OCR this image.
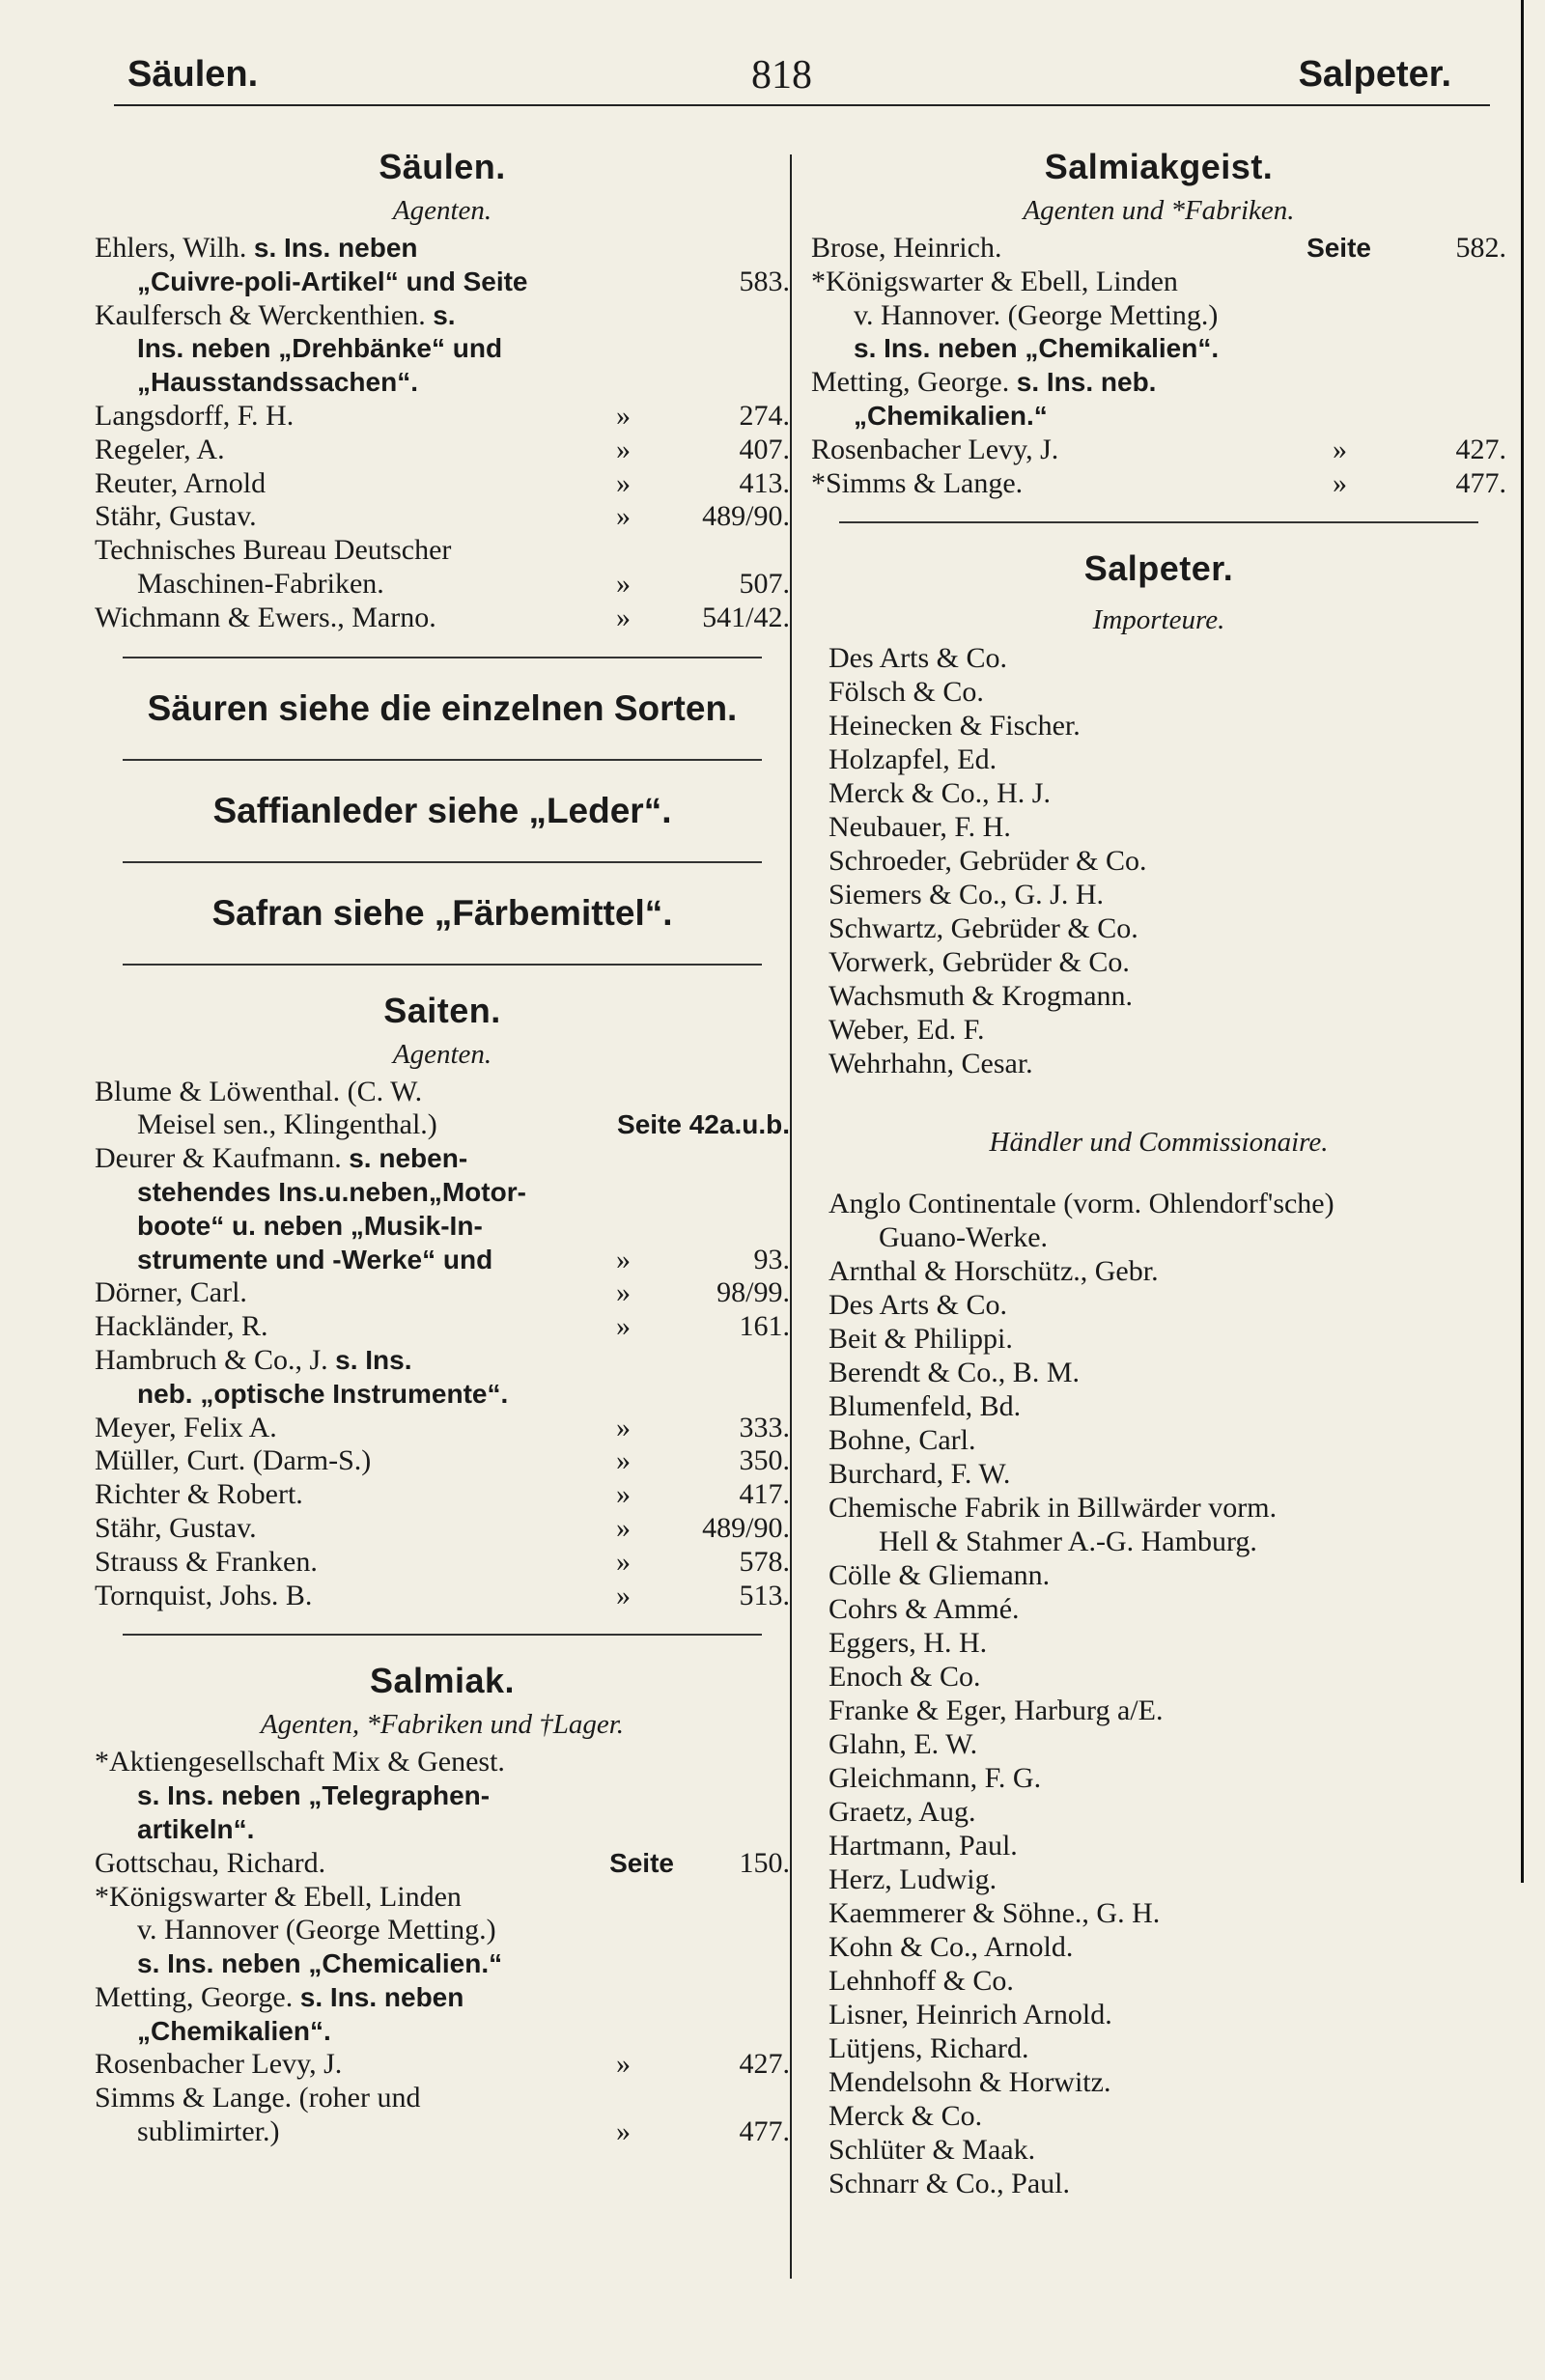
Säulen.	818	Salpeter.
Säulen.
Agenten.
Ehlers, Wilh. s. Ins. neben
„Cuivre-poli-Artikel“ und Seite	583.
Kaulfersch & Werckenthien. s.
Ins. neben „Drehbänke“ und
„Hausstandssachen“.
Langsdorff, F. H.	»	274.
Regeler, A.	»	407.
Reuter, Arnold	»	413.
Stähr, Gustav.	» 489/90.
Technisches Bureau Deutscher
Maschinen-Fabriken.	»	507.
Wichmann & Ewers., Marno.	» 541/42.
Säuren siehe die einzelnen Sorten.
Saffianleder siehe „Leder“.
Safran siehe „Färbemittel“.
Saiten.
Agenten.
Blume & Löwenthal. (C. W.
Meisel sen., Klingenthal.)	Seite 42a.u.b.
Deurer & Kaufmann. s. neben-
stehendes Ins.u.neben„Motor-
boote“ u. neben „Musik-In-
strumente und -Werke“ und	»	93.
Dörner, Carl.	»	98/99.
Hackländer, R.	»	161.
Hambruch & Co., J. s. Ins.
neb. „optische Instrumente“.
Meyer, Felix A.	»	333.
Müller, Curt. (Darm-S.)	»	350.
Richter & Robert.	»	417.
Stähr, Gustav.	» 489/90.
Strauss & Franken.	»	578.
Tornquist, Johs. B.	»	513.
Salmiak.
Agenten, *Fabriken und †Lager.
*Aktiengesellschaft Mix & Genest.
s. Ins. neben „Telegraphen-
artikeln“.
Gottschau, Richard.	Seite 150.
*Königswarter & Ebell, Linden
v. Hannover (George Metting.)
s. Ins. neben „Chemicalien.“
Metting, George. s. Ins. neben
„Chemikalien“.
Rosenbacher Levy, J.	»	427.
Simms & Lange. (roher und
sublimirter.)	»	477.
Salmiakgeist.
Agenten und *Fabriken.
Brose, Heinrich.	Seite	582.
*Königswarter & Ebell, Linden
v. Hannover. (George Metting.)
s. Ins. neben „Chemikalien“.
Metting, George. s. Ins. neb.
„Chemikalien.“
Rosenbacher Levy, J.	»	427.
*Simms & Lange.	»	477.
Salpeter.
Importeure.
Des Arts & Co.
Fölsch & Co.
Heinecken & Fischer.
Holzapfel, Ed.
Merck & Co., H. J.
Neubauer, F. H.
Schroeder, Gebrüder & Co.
Siemers & Co., G. J. H.
Schwartz, Gebrüder & Co.
Vorwerk, Gebrüder & Co.
Wachsmuth & Krogmann.
Weber, Ed. F.
Wehrhahn, Cesar.
Händler und Commissionaire.
Anglo Continentale (vorm. Ohlendorf'sche)
Guano-Werke.
Arnthal & Horschütz., Gebr.
Des Arts & Co.
Beit & Philippi.
Berendt & Co., B. M.
Blumenfeld, Bd.
Bohne, Carl.
Burchard, F. W.
Chemische Fabrik in Billwärder vorm.
Hell & Stahmer A.-G. Hamburg.
Cölle & Gliemann.
Cohrs & Ammé.
Eggers, H. H.
Enoch & Co.
Franke & Eger, Harburg a/E.
Glahn, E. W.
Gleichmann, F. G.
Graetz, Aug.
Hartmann, Paul.
Herz, Ludwig.
Kaemmerer & Söhne., G. H.
Kohn & Co., Arnold.
Lehnhoff & Co.
Lisner, Heinrich Arnold.
Lütjens, Richard.
Mendelsohn & Horwitz.
Merck & Co.
Schlüter & Maak.
Schnarr & Co., Paul.
